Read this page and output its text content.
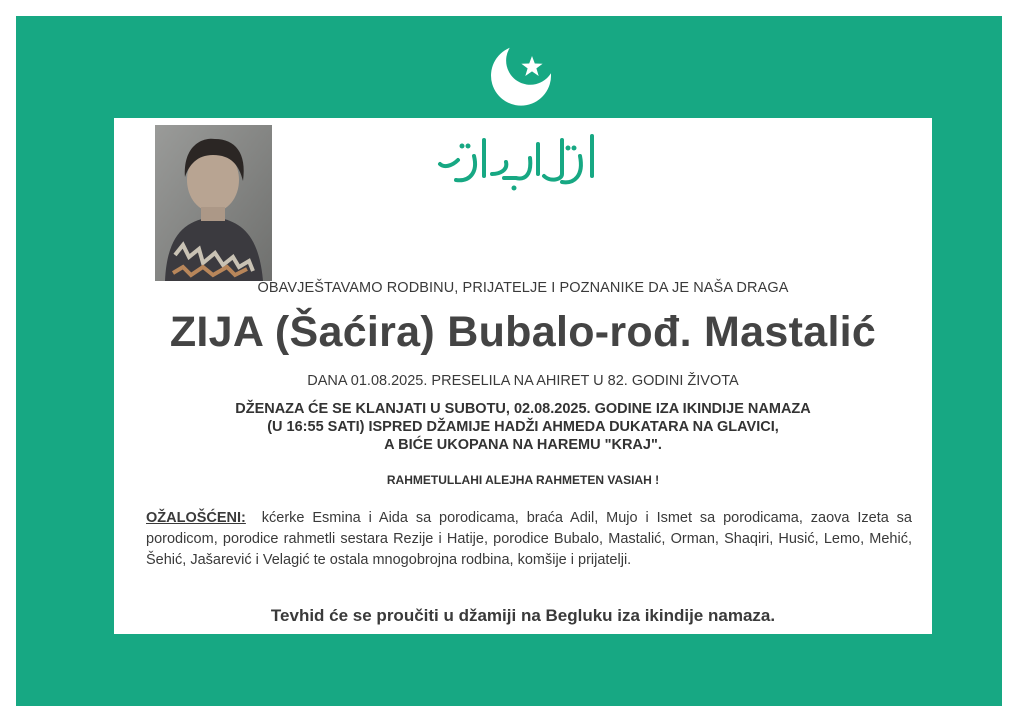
ارتحال دار بقا
OBAVJEŠTAVAMO RODBINU, PRIJATELJE I POZNANIKE DA JE NAŠA DRAGA
ZIJA (Šaćira) Bubalo-rođ. Mastalić
DANA 01.08.2025. PRESELILA NA AHIRET U 82. GODINI ŽIVOTA
DŽENAZA ĆE SE KLANJATI U SUBOTU, 02.08.2025. GODINE IZA IKINDIJE NAMAZA
(U 16:55 SATI) ISPRED DŽAMIJE HADŽI AHMEDA DUKATARA NA GLAVICI,
A BIĆE UKOPANA NA HAREMU "KRAJ".
RAHMETULLAHI ALEJHA RAHMETEN VASIAH !
OŽALOŠĆENI: kćerke Esmina i Aida sa porodicama, braća Adil, Mujo i Ismet sa porodicama, zaova Izeta sa porodicom, porodice rahmetli sestara Rezije i Hatije, porodice Bubalo, Mastalić, Orman, Shaqiri, Husić, Lemo, Mehić, Šehić, Jašarević i Velagić te ostala mnogobrojna rodbina, komšije i prijatelji.
Tevhid će se proučiti u džamiji na Begluku iza ikindije namaza.
